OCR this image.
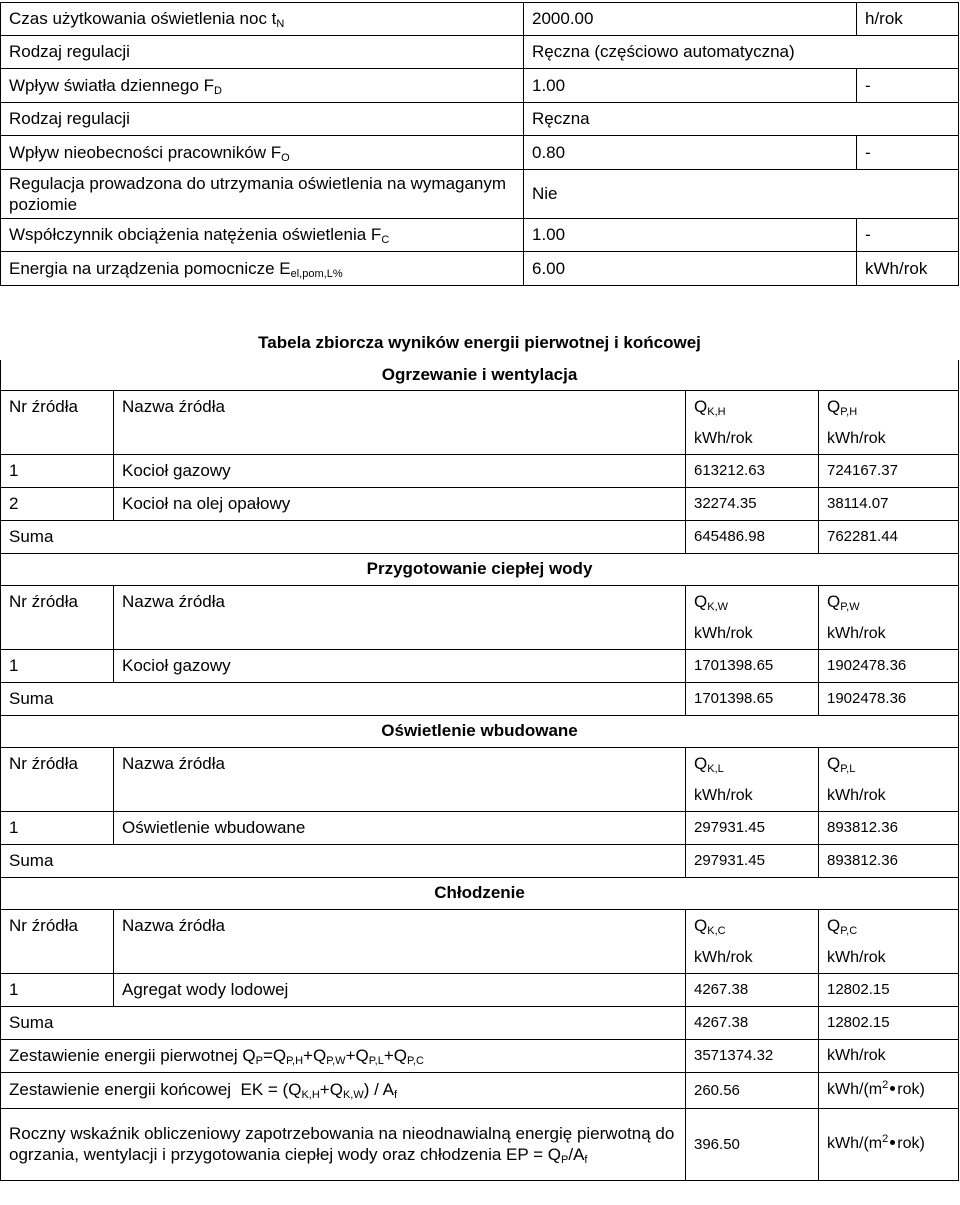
Czas użytkowania oświetlenia noc $t_N$	2000.00	h/rok
Rodzaj regulacji	Ręczna (częściowo automatyczna)	
Wpływ światła dziennego $F_D$	1.00	-
Rodzaj regulacji	Ręczna	
Wpływ nieobecności pracowników $F_O$	0.80	-
Regulacja prowadzona do utrzymania oświetlenia na wymaganym poziomie	Nie	
Współczynnik obciążenia natężenia oświetlenia $F_C$	1.00	-
Energia na urządzenia pomocnicze $E_{el,pom,L\%}$	6.00	kWh/rok
Tabela zbiorcza wyników energii pierwotnej i końcowej			
Ogrzewanie i wentylacja			
Nr źródła	Nazwa źródła	$Q_{K,H}$	$Q_{P,H}$
		kWh/rok	kWh/rok
1	Kocioł gazowy	613212.63	724167.37
2	Kocioł na olej opałowy	32274.35	38114.07
Suma		645486.98	762281.44
Przygotowanie ciepłej wody			
Nr źródła	Nazwa źródła	$Q_{K,W}$	$Q_{P,W}$
		kWh/rok	kWh/rok
1	Kocioł gazowy	1701398.65	1902478.36
Suma		1701398.65	1902478.36
Oświetlenie wbudowane			
Nr źródła	Nazwa źródła	$Q_{K,L}$	$Q_{P,L}$
		kWh/rok	kWh/rok
1	Oświetlenie wbudowane	297931.45	893812.36
Suma		297931.45	893812.36
Chłodzenie			
Nr źródła	Nazwa źródła	$Q_{K,C}$	$Q_{P,C}$
		kWh/rok	kWh/rok
1	Agregat wody lodowej	4267.38	12802.15
Suma		4267.38	12802.15
Zestawienie energii pierwotnej $Q_P=Q_{P,H}+Q_{P,W}+Q_{P,L}+Q_{P,C}$		3571374.32	kWh/rok
Zestawienie energii końcowej  EK = $(Q_{K,H}+Q_{K,W}) / A_f$		260.56	kWh/($m^2$ rok)
Roczny wskaźnik obliczeniowy zapotrzebowania na nieodnawialną energię pierwotną do ogrzania, wentylacji i przygotowania ciepłej wody oraz chłodzenia EP = $Q_P/A_f$		396.50	kWh/($m^2$ rok)
